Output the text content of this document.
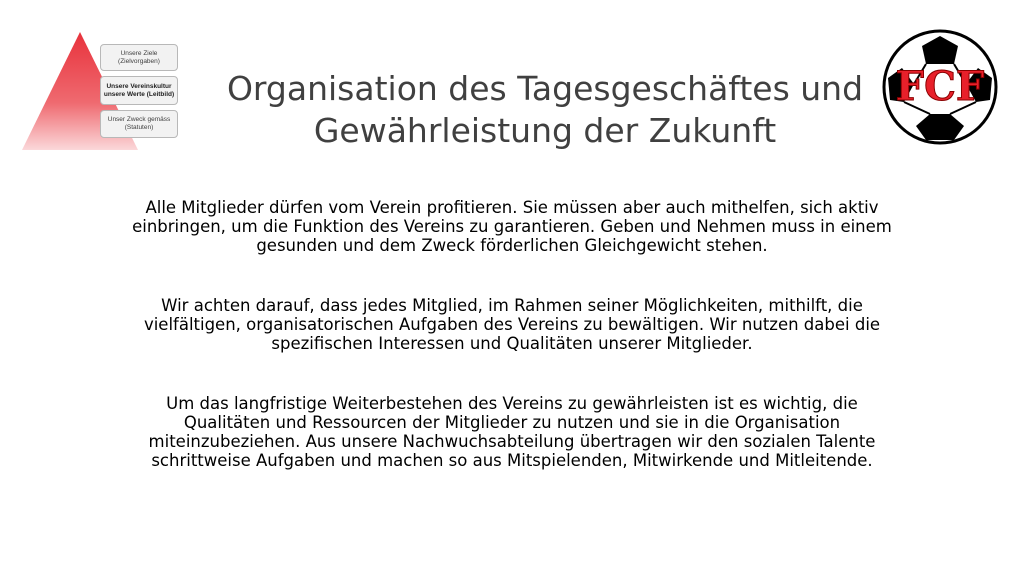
Unsere Ziele
(Zielvorgaben)
Unsere Vereinskultur
unsere Werte (Leitbild)
Unser Zweck gemäss
(Statuten)
Organisation des Tagesgeschäftes und
Gewährleistung der Zukunft
FCF

Alle Mitglieder dürfen vom Verein profitieren. Sie müssen aber auch mithelfen, sich aktiv einbringen, um die Funktion des Vereins zu garantieren. Geben und Nehmen muss in einem gesunden und dem Zweck förderlichen Gleichgewicht stehen.

Wir achten darauf, dass jedes Mitglied, im Rahmen seiner Möglichkeiten, mithilft, die vielfältigen, organisatorischen Aufgaben des Vereins zu bewältigen. Wir nutzen dabei die spezifischen Interessen und Qualitäten unserer Mitglieder.

Um das langfristige Weiterbestehen des Vereins zu gewährleisten ist es wichtig, die Qualitäten und Ressourcen der Mitglieder zu nutzen und sie in die Organisation miteinzubeziehen. Aus unsere Nachwuchsabteilung übertragen wir den sozialen Talente schrittweise Aufgaben und machen so aus Mitspielenden, Mitwirkende und Mitleitende.
